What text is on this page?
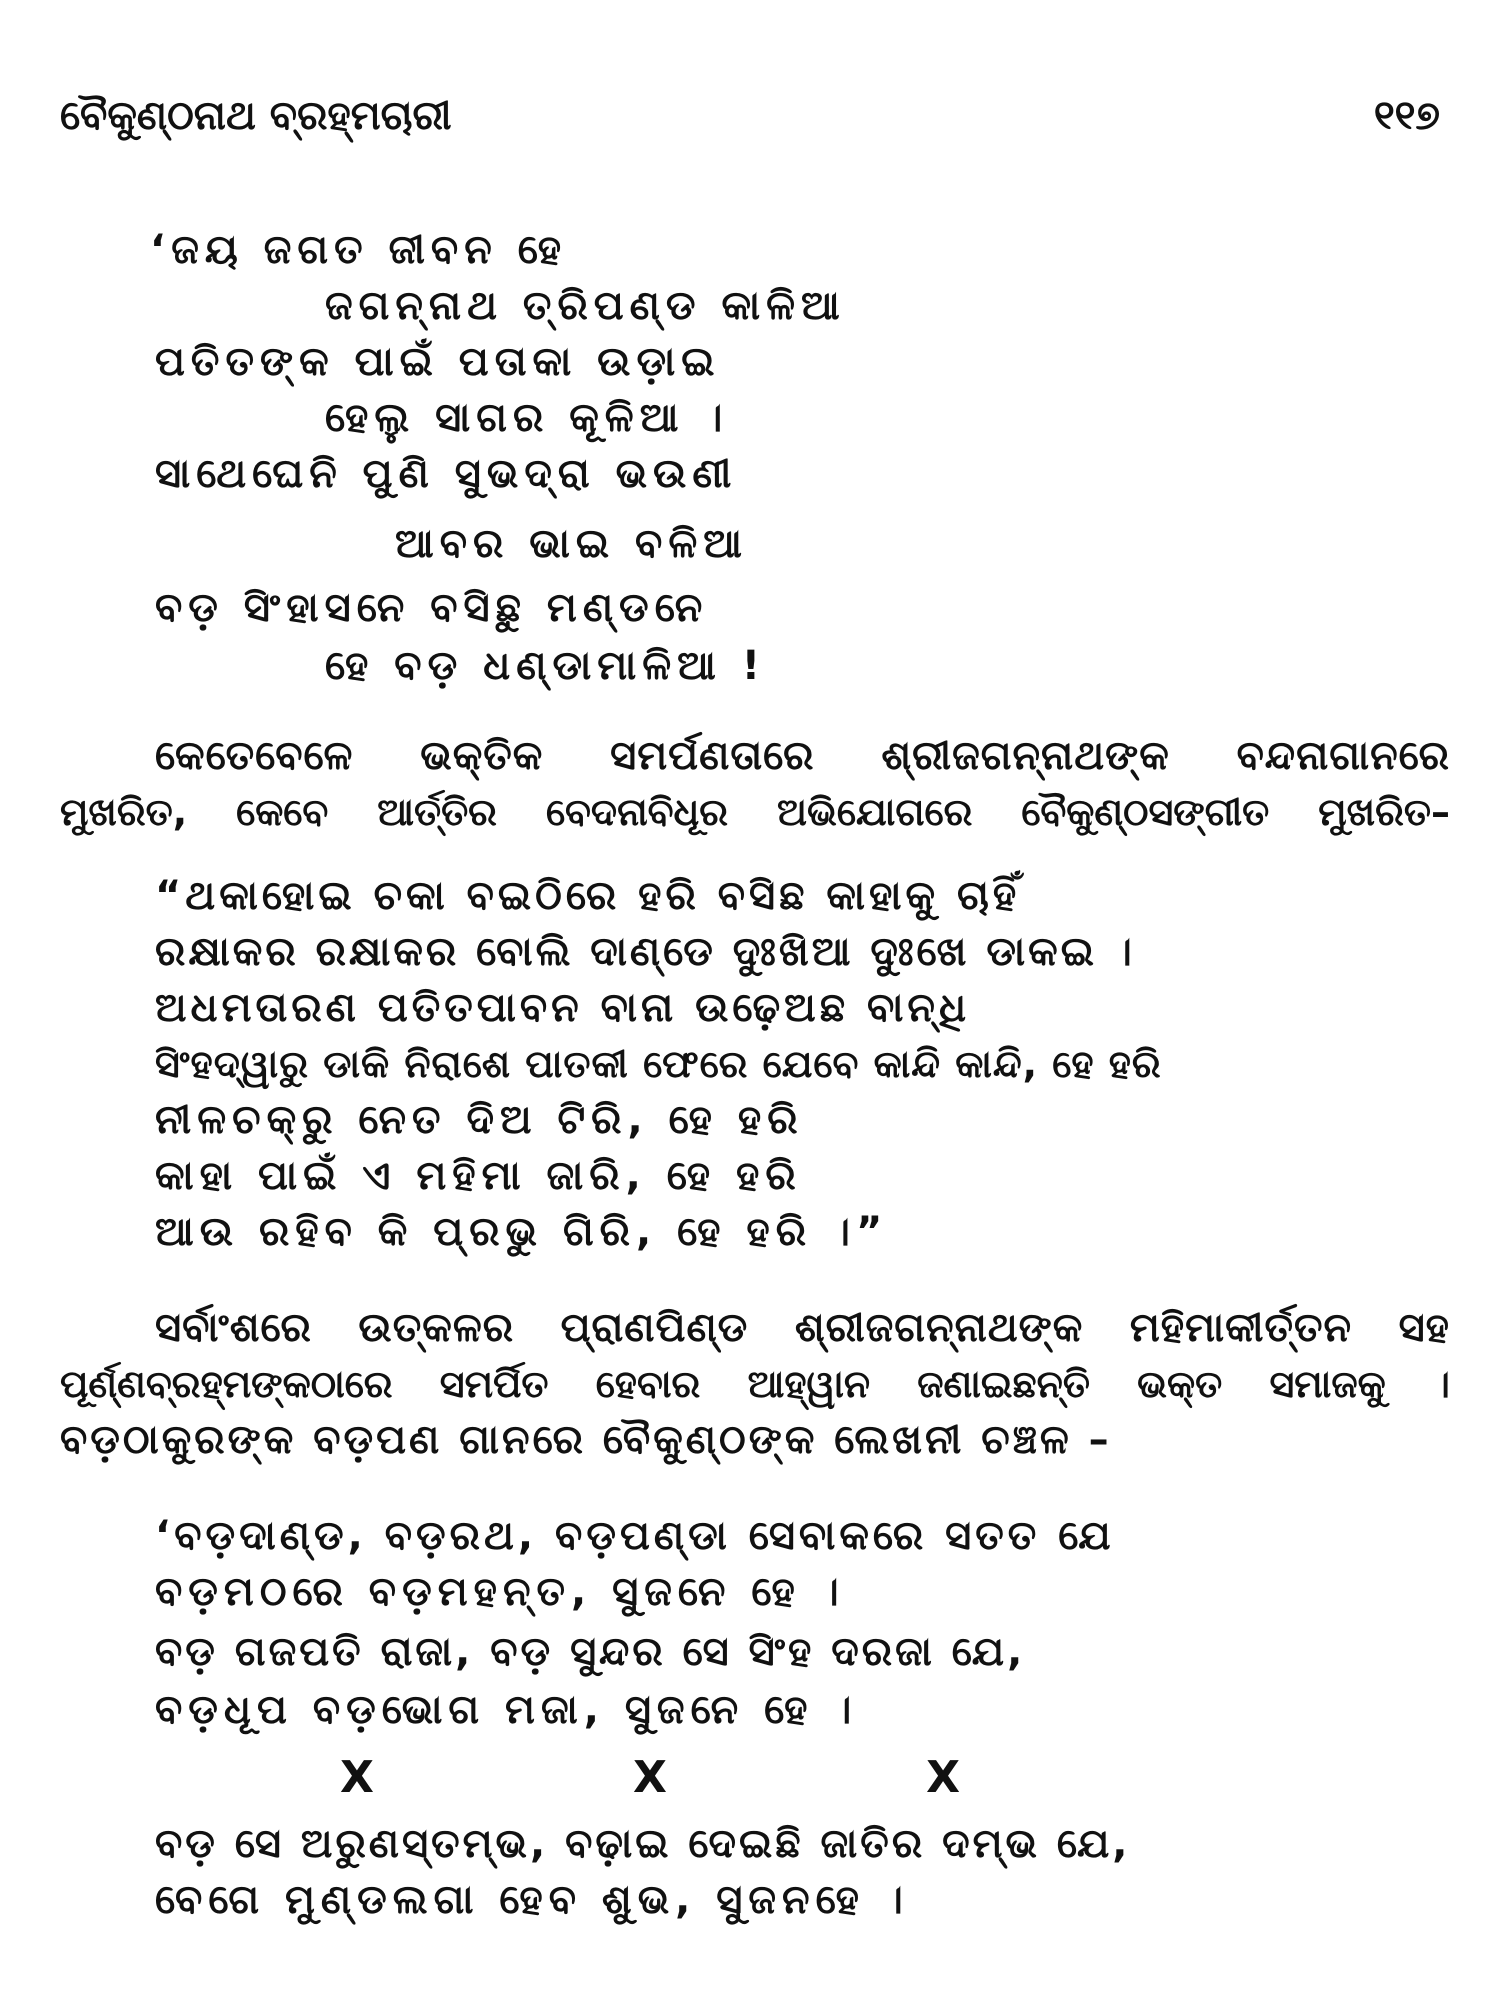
ବୈକୁଣ୍ଠନାଥ ବ୍ରହ୍ମଚାରୀ	୧୧୭
‘ଜୟ ଜଗତ ଜୀବନ ହେ
ଜଗନ୍ନାଥ ତ୍ରିପଣ୍ଡ କାଳିଆ
ପତିତଙ୍କ ପାଇଁ ପତାକା ଉଡ଼ାଇ
ହେଲୁ ସାଗର କୂଳିଆ ।
ସାଥେଘେନି ପୁଣି ସୁଭଦ୍ରା ଭଉଣୀ
ଆବର ଭାଇ ବଳିଆ
ବଡ଼ ସିଂହାସନେ ବସିଛୁ ମଣ୍ଡନେ
ହେ ବଡ଼ ଧଣ୍ଡାମାଳିଆ !
କେତେବେଳେ ଭକ୍ତିକ ସମର୍ପଣତାରେ ଶ୍ରୀଜଗନ୍ନାଥଙ୍କ ବନ୍ଦନାଗାନରେ
ମୁଖରିତ, କେବେ ଆର୍ତ୍ତିର ବେଦନାବିଧୂର ଅଭିଯୋଗରେ ବୈକୁଣ୍ଠସଙ୍ଗୀତ ମୁଖରିତ–
“ଥକାହୋଇ ଚକା ବଇଠିରେ ହରି ବସିଛ କାହାକୁ ଚାହିଁ
ରକ୍ଷାକର ରକ୍ଷାକର ବୋଲି ଦାଣ୍ଡେ ଦୁଃଖିଆ ଦୁଃଖେ ଡାକଇ ।
ଅଧମତାରଣ ପତିତପାବନ ବାନା ଉଢ଼େଅଛ ବାନ୍ଧି
ସିଂହଦ୍ୱାରୁ ଡାକି ନିରାଶେ ପାତକୀ ଫେରେ ଯେବେ କାନ୍ଦି କାନ୍ଦି, ହେ ହରି
ନୀଳଚକ୍ରୁ ନେତ ଦିଅ ଟିରି, ହେ ହରି
କାହା ପାଇଁ ଏ ମହିମା ଜାରି, ହେ ହରି
ଆଉ ରହିବ କି ପ୍ରଭୁ ଗିରି, ହେ ହରି ।”
ସର୍ବାଂଶରେ ଉତ୍କଳର ପ୍ରାଣପିଣ୍ଡ ଶ୍ରୀଜଗନ୍ନାଥଙ୍କ ମହିମାକୀର୍ତ୍ତନ ସହ
ପୂର୍ଣ୍ଣବ୍ରହ୍ମଙ୍କଠାରେ ସମର୍ପିତ ହେବାର ଆହ୍ୱାନ ଜଣାଇଛନ୍ତି ଭକ୍ତ ସମାଜକୁ ।
ବଡ଼ଠାକୁରଙ୍କ ବଡ଼ପଣ ଗାନରେ ବୈକୁଣ୍ଠଙ୍କ ଲେଖନୀ ଚଞ୍ଚଳ –
‘ବଡ଼ଦାଣ୍ଡ, ବଡ଼ରଥ, ବଡ଼ପଣ୍ଡା ସେବାକରେ ସତତ ଯେ
ବଡ଼ମଠରେ ବଡ଼ମହନ୍ତ, ସୁଜନେ ହେ ।
ବଡ଼ ଗଜପତି ରାଜା, ବଡ଼ ସୁନ୍ଦର ସେ ସିଂହ ଦରଜା ଯେ,
ବଡ଼ଧୂପ ବଡ଼ଭୋଗ ମଜା, ସୁଜନେ ହେ ।
X	X	X
ବଡ଼ ସେ ଅରୁଣସ୍ତମ୍ଭ, ବଢ଼ାଇ ଦେଇଛି ଜାତିର ଦମ୍ଭ ଯେ,
ବେଗେ ମୁଣ୍ଡଲଗା ହେବ ଶୁଭ, ସୁଜନହେ ।
